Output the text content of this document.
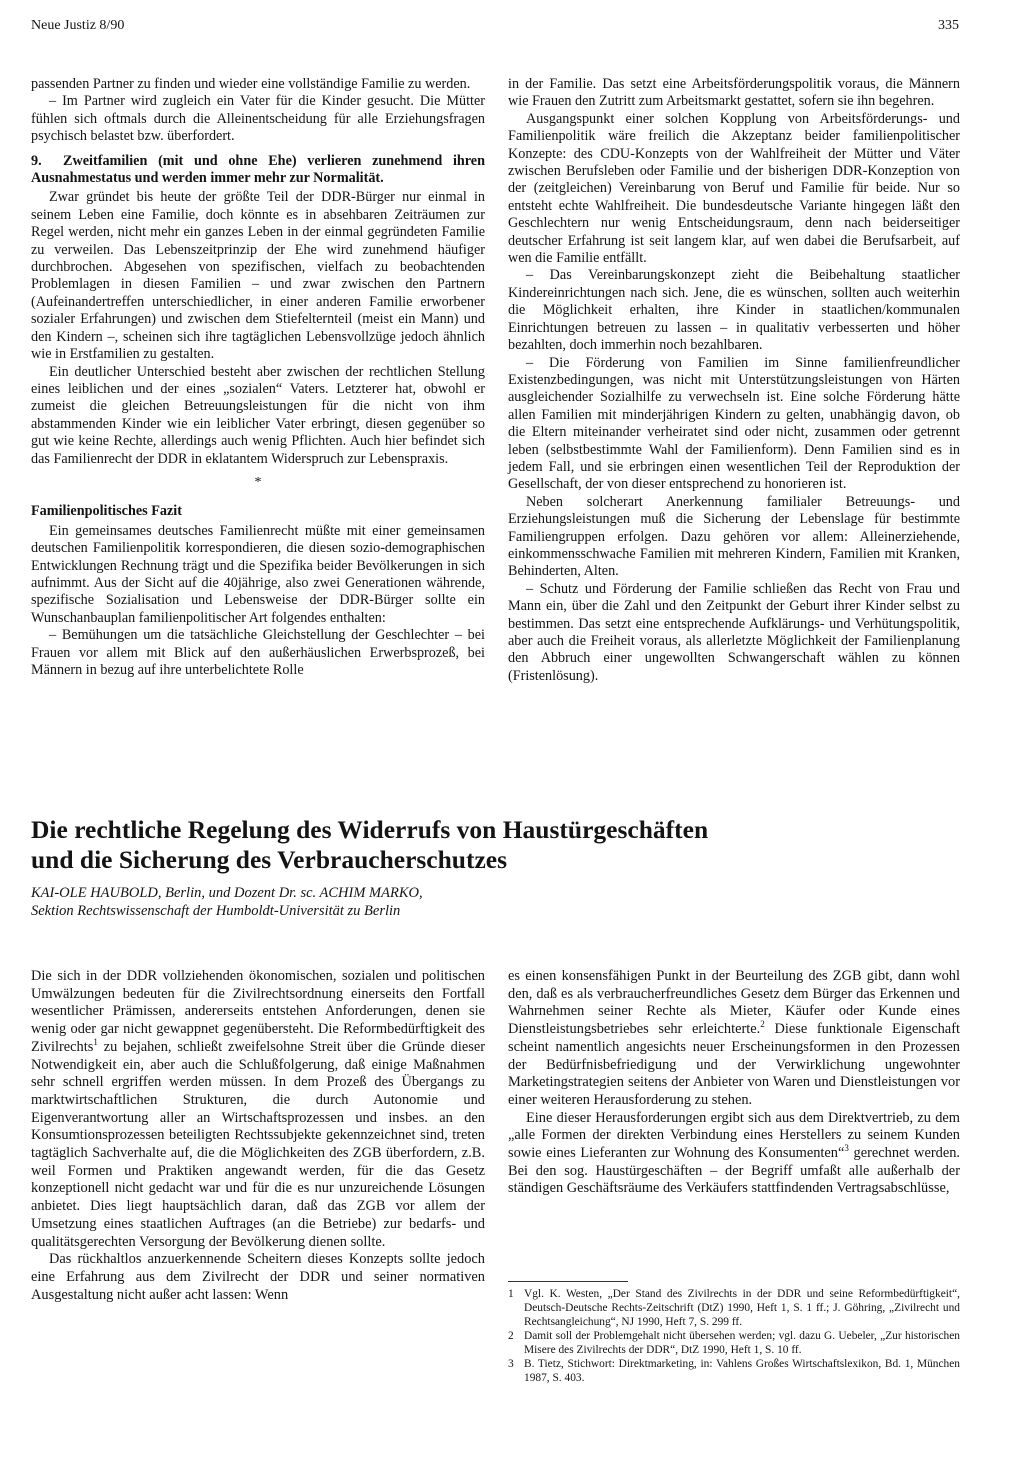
Neue Justiz 8/90	335

passenden Partner zu finden und wieder eine vollständige Familie zu werden.

– Im Partner wird zugleich ein Vater für die Kinder gesucht. Die Mütter fühlen sich oftmals durch die Alleinentscheidung für alle Erziehungsfragen psychisch belastet bzw. überfordert.

9. Zweitfamilien (mit und ohne Ehe) verlieren zunehmend ihren Ausnahmestatus und werden immer mehr zur Normalität.

Zwar gründet bis heute der größte Teil der DDR-Bürger nur einmal in seinem Leben eine Familie, doch könnte es in absehbaren Zeiträumen zur Regel werden, nicht mehr ein ganzes Leben in der einmal gegründeten Familie zu verweilen. Das Lebenszeitprinzip der Ehe wird zunehmend häufiger durchbrochen. Abgesehen von spezifischen, vielfach zu beobachtenden Problemlagen in diesen Familien – und zwar zwischen den Partnern (Aufeinandertreffen unterschiedlicher, in einer anderen Familie erworbener sozialer Erfahrungen) und zwischen dem Stiefelternteil (meist ein Mann) und den Kindern –, scheinen sich ihre tagtäglichen Lebensvollzüge jedoch ähnlich wie in Erstfamilien zu gestalten.

Ein deutlicher Unterschied besteht aber zwischen der rechtlichen Stellung eines leiblichen und der eines „sozialen“ Vaters. Letzterer hat, obwohl er zumeist die gleichen Betreuungsleistungen für die nicht von ihm abstammenden Kinder wie ein leiblicher Vater erbringt, diesen gegenüber so gut wie keine Rechte, allerdings auch wenig Pflichten. Auch hier befindet sich das Familienrecht der DDR in eklatantem Widerspruch zur Lebenspraxis.

*
Familienpolitisches Fazit

Ein gemeinsames deutsches Familienrecht müßte mit einer gemeinsamen deutschen Familienpolitik korrespondieren, die diesen sozio-demographischen Entwicklungen Rechnung trägt und die Spezifika beider Bevölkerungen in sich aufnimmt. Aus der Sicht auf die 40jährige, also zwei Generationen währende, spezifische Sozialisation und Lebensweise der DDR-Bürger sollte ein Wunschanbauplan familienpolitischer Art folgendes enthalten:

– Bemühungen um die tatsächliche Gleichstellung der Geschlechter – bei Frauen vor allem mit Blick auf den außerhäuslichen Erwerbsprozeß, bei Männern in bezug auf ihre unterbelichtete Rolle

in der Familie. Das setzt eine Arbeitsförderungspolitik voraus, die Männern wie Frauen den Zutritt zum Arbeitsmarkt gestattet, sofern sie ihn begehren.

Ausgangspunkt einer solchen Kopplung von Arbeitsförderungs- und Familienpolitik wäre freilich die Akzeptanz beider familienpolitischer Konzepte: des CDU-Konzepts von der Wahlfreiheit der Mütter und Väter zwischen Berufsleben oder Familie und der bisherigen DDR-Konzeption von der (zeitgleichen) Vereinbarung von Beruf und Familie für beide. Nur so entsteht echte Wahlfreiheit. Die bundesdeutsche Variante hingegen läßt den Geschlechtern nur wenig Entscheidungsraum, denn nach beiderseitiger deutscher Erfahrung ist seit langem klar, auf wen dabei die Berufsarbeit, auf wen die Familie entfällt.

– Das Vereinbarungskonzept zieht die Beibehaltung staatlicher Kindereinrichtungen nach sich. Jene, die es wünschen, sollten auch weiterhin die Möglichkeit erhalten, ihre Kinder in staatlichen/kommunalen Einrichtungen betreuen zu lassen – in qualitativ verbesserten und höher bezahlten, doch immerhin noch bezahlbaren.

– Die Förderung von Familien im Sinne familienfreundlicher Existenzbedingungen, was nicht mit Unterstützungsleistungen von Härten ausgleichender Sozialhilfe zu verwechseln ist. Eine solche Förderung hätte allen Familien mit minderjährigen Kindern zu gelten, unabhängig davon, ob die Eltern miteinander verheiratet sind oder nicht, zusammen oder getrennt leben (selbstbestimmte Wahl der Familienform). Denn Familien sind es in jedem Fall, und sie erbringen einen wesentlichen Teil der Reproduktion der Gesellschaft, der von dieser entsprechend zu honorieren ist.

Neben solcherart Anerkennung familialer Betreuungs- und Erziehungsleistungen muß die Sicherung der Lebenslage für bestimmte Familiengruppen erfolgen. Dazu gehören vor allem: Alleinerziehende, einkommensschwache Familien mit mehreren Kindern, Familien mit Kranken, Behinderten, Alten.

– Schutz und Förderung der Familie schließen das Recht von Frau und Mann ein, über die Zahl und den Zeitpunkt der Geburt ihrer Kinder selbst zu bestimmen. Das setzt eine entsprechende Aufklärungs- und Verhütungspolitik, aber auch die Freiheit voraus, als allerletzte Möglichkeit der Familienplanung den Abbruch einer ungewollten Schwangerschaft wählen zu können (Fristenlösung).

Die rechtliche Regelung des Widerrufs von Haustürgeschäften
und die Sicherung des Verbraucherschutzes
KAI-OLE HAUBOLD, Berlin, und Dozent Dr. sc. ACHIM MARKO,
Sektion Rechtswissenschaft der Humboldt-Universität zu Berlin

Die sich in der DDR vollziehenden ökonomischen, sozialen und politischen Umwälzungen bedeuten für die Zivilrechtsordnung einerseits den Fortfall wesentlicher Prämissen, andererseits entstehen Anforderungen, denen sie wenig oder gar nicht gewappnet gegenübersteht. Die Reformbedürftigkeit des Zivilrechts$^1$ zu bejahen, schließt zweifelsohne Streit über die Gründe dieser Notwendigkeit ein, aber auch die Schlußfolgerung, daß einige Maßnahmen sehr schnell ergriffen werden müssen. In dem Prozeß des Übergangs zu marktwirtschaftlichen Strukturen, die durch Autonomie und Eigenverantwortung aller an Wirtschaftsprozessen und insbes. an den Konsumtionsprozessen beteiligten Rechtssubjekte gekennzeichnet sind, treten tagtäglich Sachverhalte auf, die die Möglichkeiten des ZGB überfordern, z.B. weil Formen und Praktiken angewandt werden, für die das Gesetz konzeptionell nicht gedacht war und für die es nur unzureichende Lösungen anbietet. Dies liegt hauptsächlich daran, daß das ZGB vor allem der Umsetzung eines staatlichen Auftrages (an die Betriebe) zur bedarfs- und qualitätsgerechten Versorgung der Bevölkerung dienen sollte.

Das rückhaltlos anzuerkennende Scheitern dieses Konzepts sollte jedoch eine Erfahrung aus dem Zivilrecht der DDR und seiner normativen Ausgestaltung nicht außer acht lassen: Wenn

es einen konsensfähigen Punkt in der Beurteilung des ZGB gibt, dann wohl den, daß es als verbraucherfreundliches Gesetz dem Bürger das Erkennen und Wahrnehmen seiner Rechte als Mieter, Käufer oder Kunde eines Dienstleistungsbetriebes sehr erleichterte.$^2$ Diese funktionale Eigenschaft scheint namentlich angesichts neuer Erscheinungsformen in den Prozessen der Bedürfnisbefriedigung und der Verwirklichung ungewohnter Marketingstrategien seitens der Anbieter von Waren und Dienstleistungen vor einer weiteren Herausforderung zu stehen.

Eine dieser Herausforderungen ergibt sich aus dem Direktvertrieb, zu dem „alle Formen der direkten Verbindung eines Herstellers zu seinem Kunden sowie eines Lieferanten zur Wohnung des Konsumenten“$^3$ gerechnet werden. Bei den sog. Haustürgeschäften – der Begriff umfaßt alle außerhalb der ständigen Geschäftsräume des Verkäufers stattfindenden Vertragsabschlüsse,

1 Vgl. K. Westen, „Der Stand des Zivilrechts in der DDR und seine Reformbedürftigkeit“, Deutsch-Deutsche Rechts-Zeitschrift (DtZ) 1990, Heft 1, S. 1 ff.; J. Göhring, „Zivilrecht und Rechtsangleichung“, NJ 1990, Heft 7, S. 299 ff.
2 Damit soll der Problemgehalt nicht übersehen werden; vgl. dazu G. Uebeler, „Zur historischen Misere des Zivilrechts der DDR“, DtZ 1990, Heft 1, S. 10 ff.
3 B. Tietz, Stichwort: Direktmarketing, in: Vahlens Großes Wirtschaftslexikon, Bd. 1, München 1987, S. 403.
